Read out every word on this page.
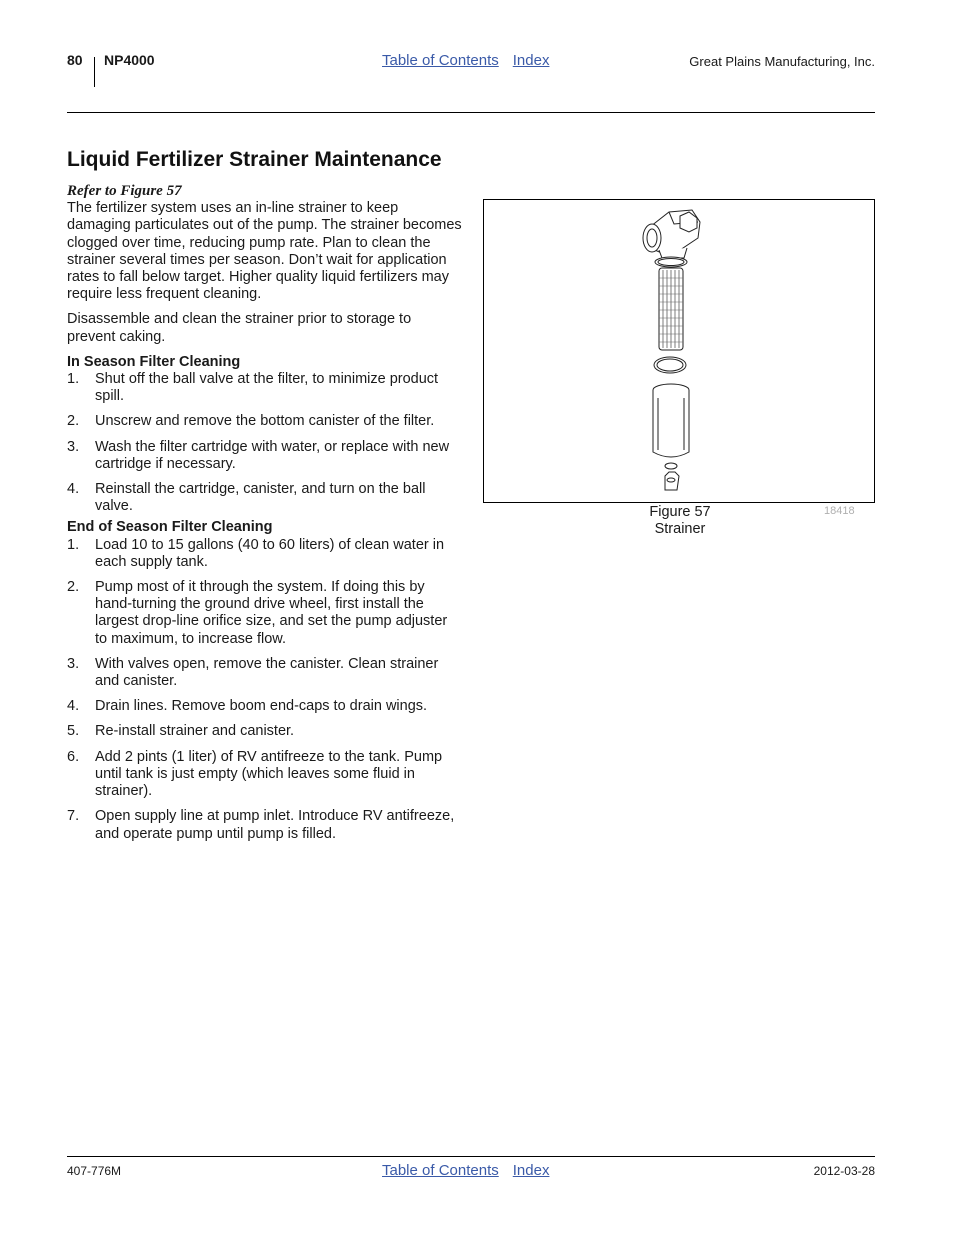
80 NP4000	Table of Contents Index	Great Plains Manufacturing, Inc.
Liquid Fertilizer Strainer Maintenance

Refer to Figure 57

The fertilizer system uses an in-line strainer to keep damaging particulates out of the pump. The strainer becomes clogged over time, reducing pump rate. Plan to clean the strainer several times per season. Don’t wait for application rates to fall below target. Higher quality liquid fertilizers may require less frequent cleaning.

Disassemble and clean the strainer prior to storage to prevent caking.

In Season Filter Cleaning

1. Shut off the ball valve at the filter, to minimize product spill.
2. Unscrew and remove the bottom canister of the filter.
3. Wash the filter cartridge with water, or replace with new cartridge if necessary.
4. Reinstall the cartridge, canister, and turn on the ball valve.

End of Season Filter Cleaning

1. Load 10 to 15 gallons (40 to 60 liters) of clean water in each supply tank.
2. Pump most of it through the system. If doing this by hand-turning the ground drive wheel, first install the largest drop-line orifice size, and set the pump adjuster to maximum, to increase flow.
3. With valves open, remove the canister. Clean strainer and canister.
4. Drain lines. Remove boom end-caps to drain wings.
5. Re-install strainer and canister.
6. Add 2 pints (1 liter) of RV antifreeze to the tank. Pump until tank is just empty (which leaves some fluid in strainer).
7. Open supply line at pump inlet. Introduce RV antifreeze, and operate pump until pump is filled.
Figure 57
Strainer
18418
407-776M	Table of Contents Index	2012-03-28
